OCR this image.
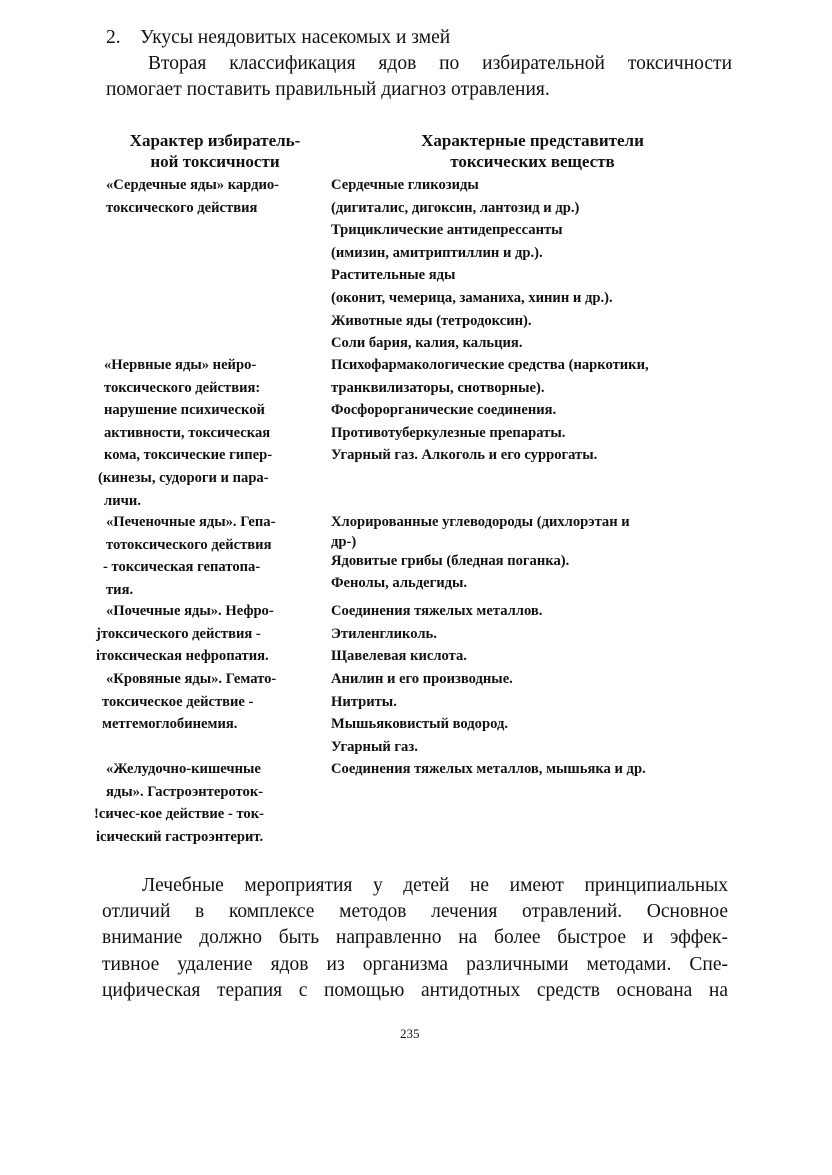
2.    Укусы неядовитых насекомых и змей
Вторая классификация ядов по избирательной токсичности
помогает поставить правильный диагноз отравления.
Характер избиратель-
ной токсичности
Характерные представители
токсических веществ
«Сердечные яды» кардио-
токсического действия
Сердечные гликозиды
(дигиталис, дигоксин, лантозид и др.)
Трициклические антидепрессанты
(имизин, амитриптиллин и др.).
Растительные яды
(оконит, чемерица, заманиха, хинин и др.).
Животные яды (тетродоксин).
Соли бария, калия, кальция.
«Нервные яды» нейро-
токсического действия:
нарушение психической
активности, токсическая
кома, токсические гипер-
(кинезы, судороги и пара-
личи.
Психофармакологические средства (наркотики,
транквилизаторы, снотворные).
Фосфорорганические соединения.
Противотуберкулезные препараты.
Угарный газ. Алкоголь и его суррогаты.
«Печеночные яды». Гепа-
тотоксического действия
- токсическая гепатопа-
тия.
Хлорированные углеводороды (дихлорэтан и
др-)
Ядовитые грибы (бледная поганка).
Фенолы, альдегиды.
«Почечные яды». Нефро-
jтоксического действия -
iтоксическая нефропатия.
Соединения тяжелых металлов.
Этиленгликоль.
Щавелевая кислота.
«Кровяные яды». Гемато-
токсическое действие -
метгемоглобинемия.
Анилин и его производные.
Нитриты.
Мышьяковистый водород.
Угарный газ.
«Желудочно-кишечные
яды». Гастроэнтероток-
!сичес-кое действие - ток-
iсический гастроэнтерит.
Соединения тяжелых металлов, мышьяка и др.
Лечебные мероприятия у детей не имеют принципиальных
отличий в комплексе методов лечения отравлений. Основное
внимание должно быть направленно на более быстрое и эффек-
тивное удаление ядов из организма различными методами. Спе-
цифическая терапия с помощью антидотных средств основана на
235
